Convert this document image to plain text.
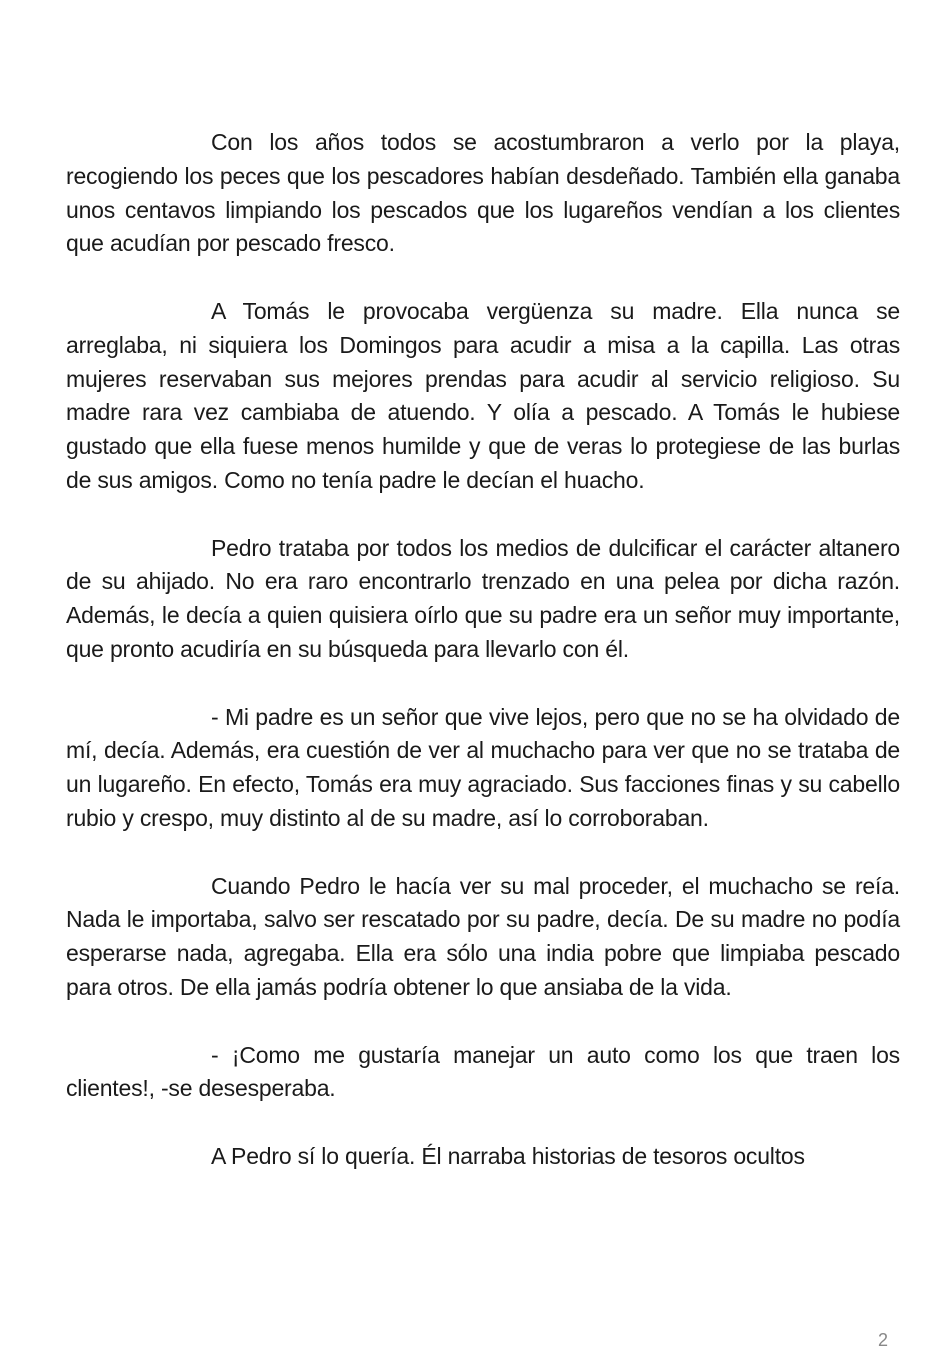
Con los años todos se acostumbraron a verlo por la playa, recogiendo los peces que los pescadores habían desdeñado. También ella ganaba unos centavos limpiando los pescados que los lugareños vendían a los clientes que acudían por pescado fresco.

A Tomás le provocaba vergüenza su madre. Ella nunca se arreglaba, ni siquiera los Domingos para acudir a misa a la capilla. Las otras mujeres reservaban sus mejores prendas para acudir al servicio religioso. Su madre rara vez cambiaba de atuendo. Y olía a pescado. A Tomás le hubiese gustado que ella fuese menos humilde y que de veras lo protegiese de las burlas de sus amigos. Como no tenía padre le decían el huacho.

Pedro trataba por todos los medios de dulcificar el carácter altanero de su ahijado. No era raro encontrarlo trenzado en una pelea por dicha razón. Además, le decía a quien quisiera oírlo que su padre era un señor muy importante, que pronto acudiría en su búsqueda para llevarlo con él.

- Mi padre es un señor que vive lejos, pero que no se ha olvidado de mí, decía. Además, era cuestión de ver al muchacho para ver que no se trataba de un lugareño. En efecto, Tomás era muy agraciado. Sus facciones finas y su cabello rubio y crespo, muy distinto al de su madre, así lo corroboraban.

Cuando Pedro le hacía ver su mal proceder, el muchacho se reía. Nada le importaba, salvo ser rescatado por su padre, decía. De su madre no podía esperarse nada, agregaba. Ella era sólo una india pobre que limpiaba pescado para otros. De ella jamás podría obtener lo que ansiaba de la vida.

- ¡Como me gustaría manejar un auto como los que traen los clientes!, -se desesperaba.

A Pedro sí lo quería. Él narraba historias de tesoros ocultos

2
